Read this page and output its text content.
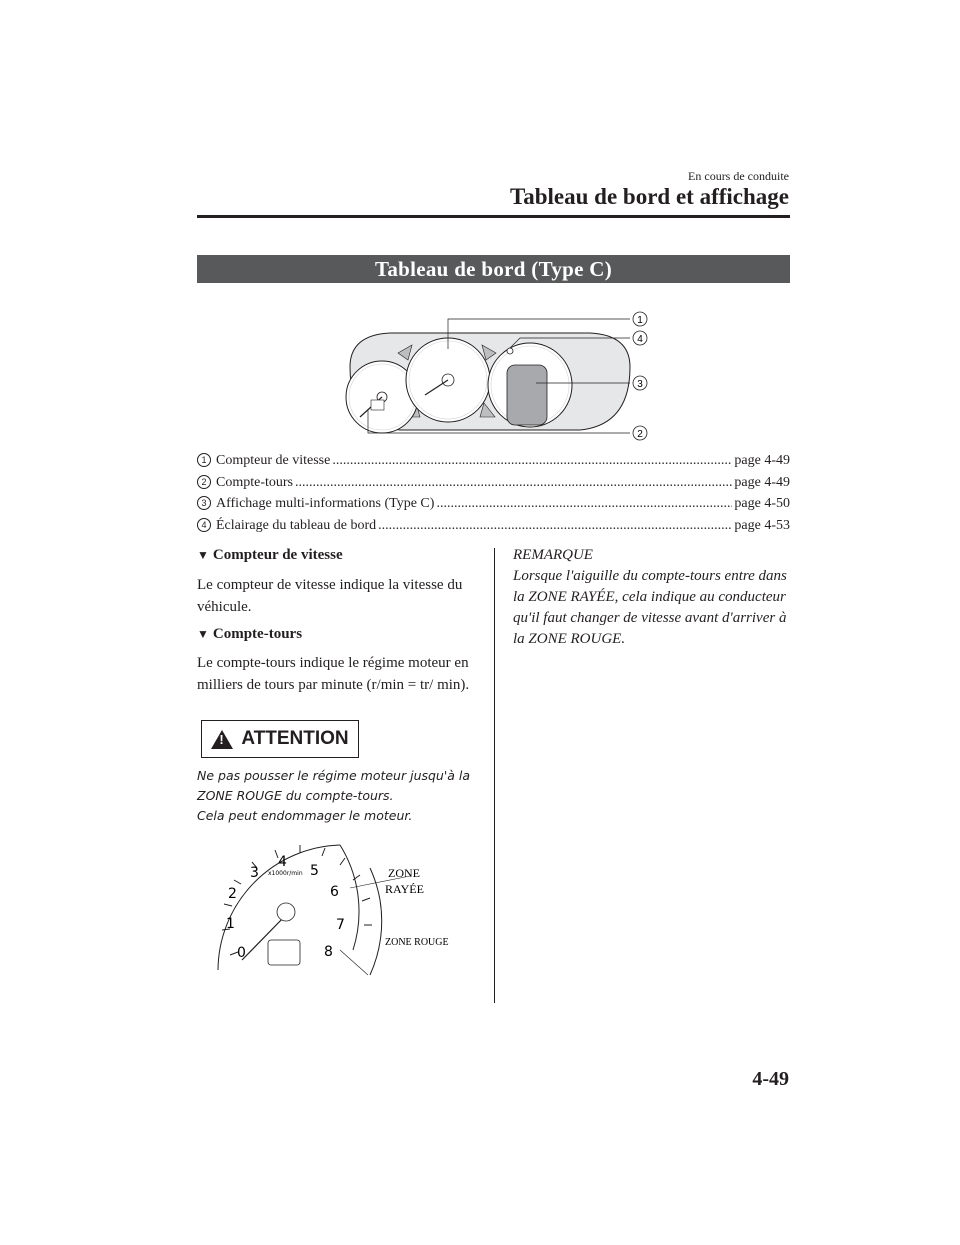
En cours de conduite
Tableau de bord et affichage
Tableau de bord (Type C)
1
4
3
2
1 Compteur de vitesse .....	page 4-49
2 Compte-tours .....	page 4-49
3 Affichage multi-informations (Type C) .....	page 4-50
4 Éclairage du tableau de bord .....	page 4-53
▼ Compteur de vitesse
Le compteur de vitesse indique la vitesse du véhicule.
▼ Compte-tours
Le compte-tours indique le régime moteur en milliers de tours par minute (r/min = tr/ min).
!
ATTENTION
Ne pas pousser le régime moteur jusqu'à la ZONE ROUGE du compte-tours.
Cela peut endommager le moteur.
0
1
2
3
4
5
6
7
8
x1000r/min	ZONE
RAYÉE
ZONE ROUGE
REMARQUE
Lorsque l'aiguille du compte-tours entre dans la ZONE RAYÉE, cela indique au conducteur qu'il faut changer de vitesse avant d'arriver à la ZONE ROUGE.
4-49
